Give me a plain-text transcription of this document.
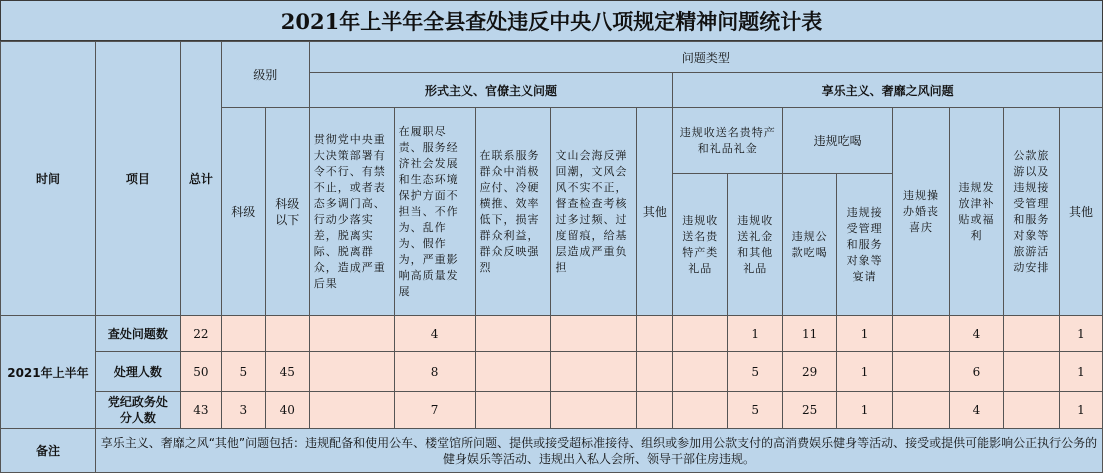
2021年上半年全县查处违反中央八项规定精神问题统计表
时间	项目	总计	级别		问题类型												
					形式主义、官僚主义问题					享乐主义、奢靡之风问题							
			科级	科级以下	贯彻党中央重大决策部署有令不行、有禁不止，或者表态多调门高、行动少落实差，脱离实际、脱离群众，造成严重后果	在履职尽责、服务经济社会发展和生态环境保护方面不担当、不作为、乱作为、假作为，严重影响高质量发展	在联系服务群众中消极应付、冷硬横推、效率低下，损害群众利益，群众反映强烈	文山会海反弹回潮，文风会风不实不正，督查检查考核过多过频、过度留痕，给基层造成严重负担	其他	违规收送名贵特产和礼品礼金		违规吃喝		违规操办婚丧喜庆	违规发放津补贴或福利	公款旅游以及违规接受管理和服务对象等旅游活动安排	其他

										违规收送名贵特产类礼品	违规收送礼金和其他礼品	违规公款吃喝	违规接受管理和服务对象等宴请				

2021年上半年	查处问题数	22				4					1	11	1		4		1
	处理人数	50	5	45		8					5	29	1		6		1

	党纪政务处分人数	43	3	40		7					5	25	1		4		1
备注	享乐主义、奢靡之风“其他”问题包括：违规配备和使用公车、楼堂馆所问题、提供或接受超标准接待、组织或参加用公款支付的高消费娱乐健身等活动、接受或提供可能影响公正执行公务的健身娱乐等活动、违规出入私人会所、领导干部住房违规。																
